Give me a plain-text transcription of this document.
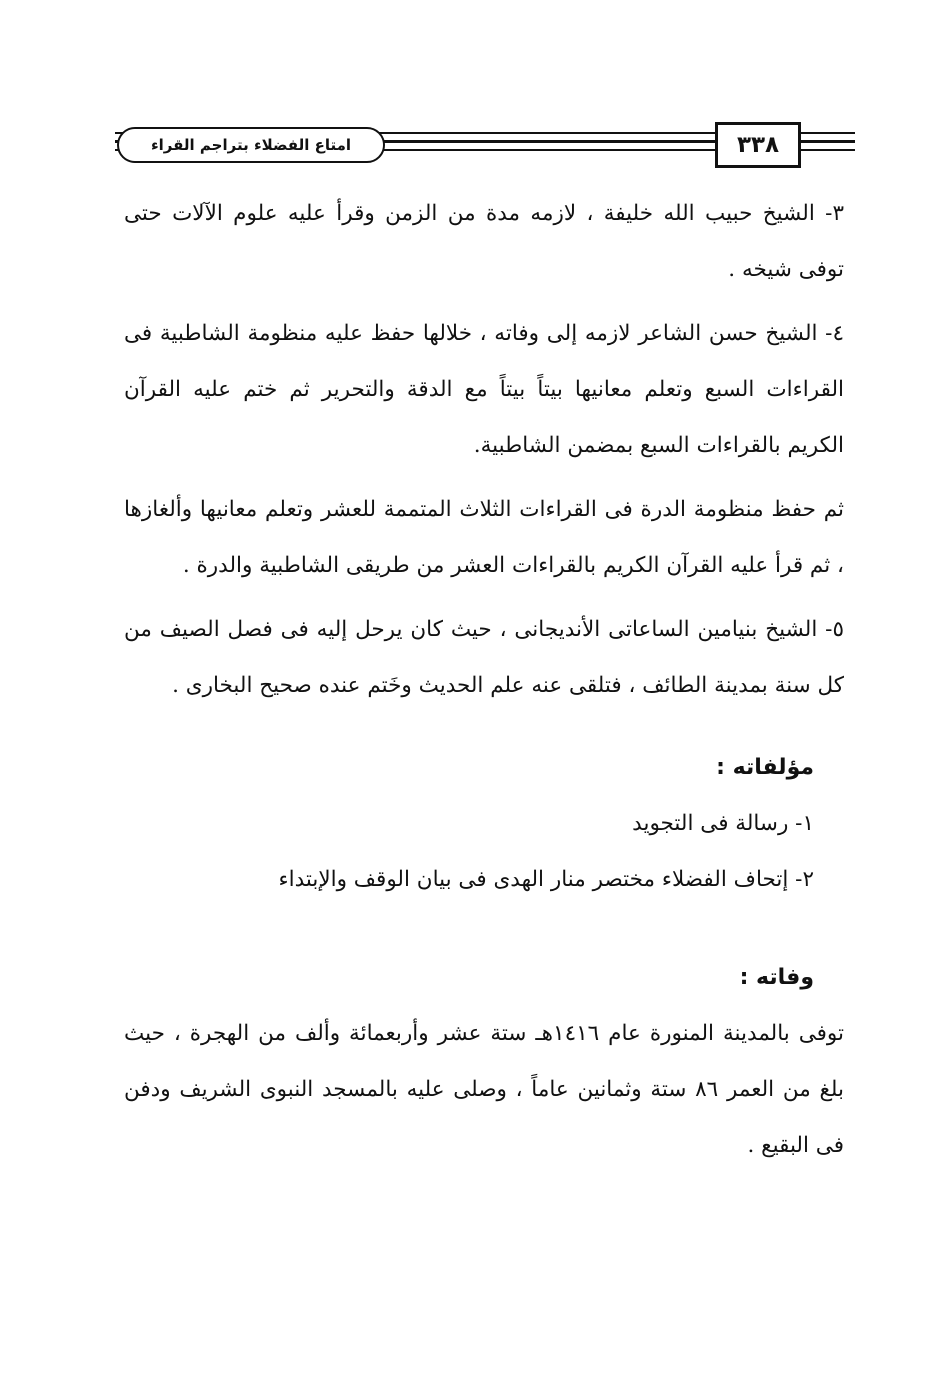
امتاع الفضلاء بتراجم القراء	٣٣٨

٣- الشيخ حبيب الله خليفة ، لازمه مدة من الزمن وقرأ عليه علوم الآلات حتى توفى شيخه .

٤- الشيخ حسن الشاعر لازمه إلى وفاته ، خلالها حفظ عليه منظومة الشاطبية فى القراءات السبع وتعلم معانيها بيتاً بيتاً مع الدقة والتحرير ثم ختم عليه القرآن الكريم بالقراءات السبع بمضمن الشاطبية.

ثم حفظ منظومة الدرة فى القراءات الثلاث المتممة للعشر وتعلم معانيها وألغازها ، ثم قرأ عليه القرآن الكريم بالقراءات العشر من طريقى الشاطبية والدرة .

٥- الشيخ بنيامين الساعاتى الأنديجانى ، حيث كان يرحل إليه فى فصل الصيف من كل سنة بمدينة الطائف ، فتلقى عنه علم الحديث وخَتم عنده صحيح البخارى .

مؤلفاته :
١- رسالة فى التجويد
٢- إتحاف الفضلاء مختصر منار الهدى فى بيان الوقف والإبتداء
وفاته :

توفى بالمدينة المنورة عام ١٤١٦هـ ستة عشر وأربعمائة وألف من الهجرة ، حيث بلغ من العمر ٨٦ ستة وثمانين عاماً ، وصلى عليه بالمسجد النبوى الشريف ودفن فى البقيع .
